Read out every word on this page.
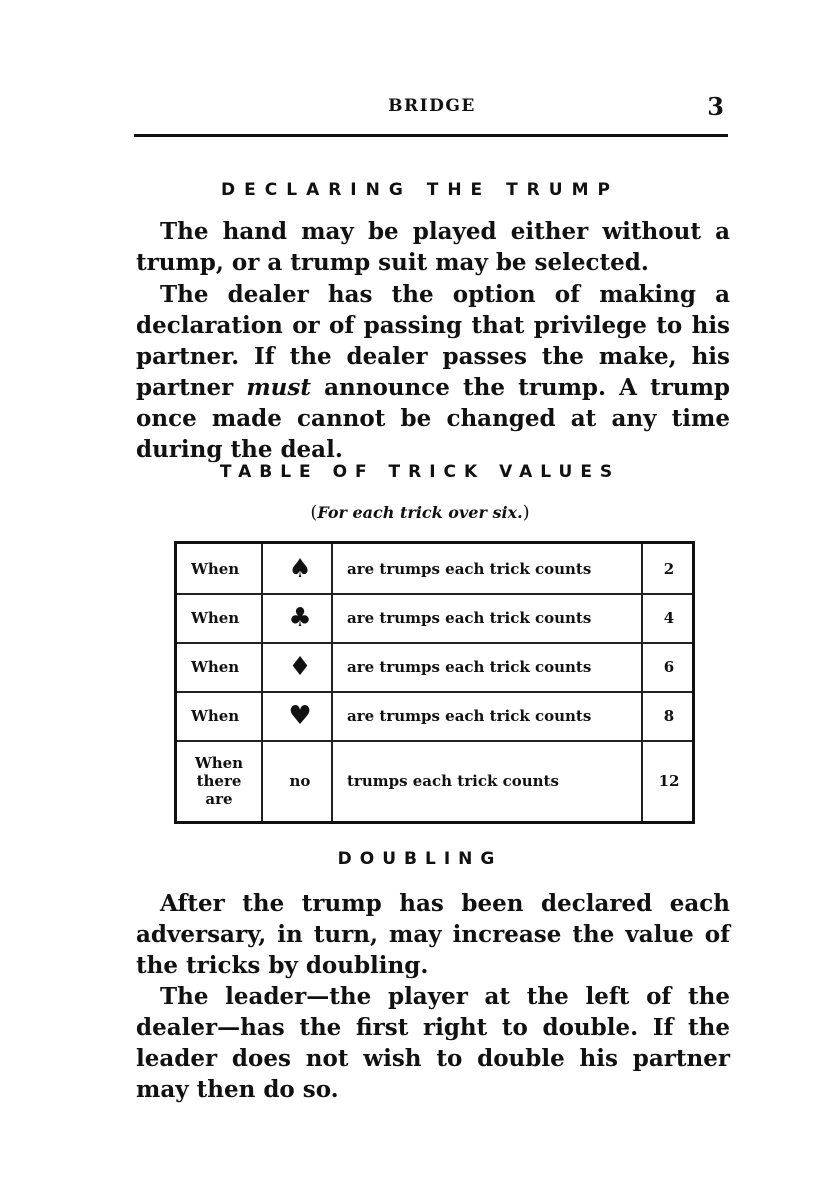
BRIDGE	3
DECLARING THE TRUMP

The hand may be played either without a trump, or a trump suit may be selected.

The dealer has the option of making a declaration or of passing that privilege to his partner. If the dealer passes the make, his partner must announce the trump. A trump once made cannot be changed at any time during the deal.

TABLE OF TRICK VALUES
(For each trick over six.)
When	♠ are trumps each trick counts	2
When	♣ are trumps each trick counts	4
When	♦ are trumps each trick counts	6
When	♥ are trumps each trick counts	8
When
there
are
no	trumps each trick counts	12
DOUBLING

After the trump has been declared each adversary, in turn, may increase the value of the tricks by doubling.

The leader—the player at the left of the dealer—has the first right to double. If the leader does not wish to double his partner may then do so.
